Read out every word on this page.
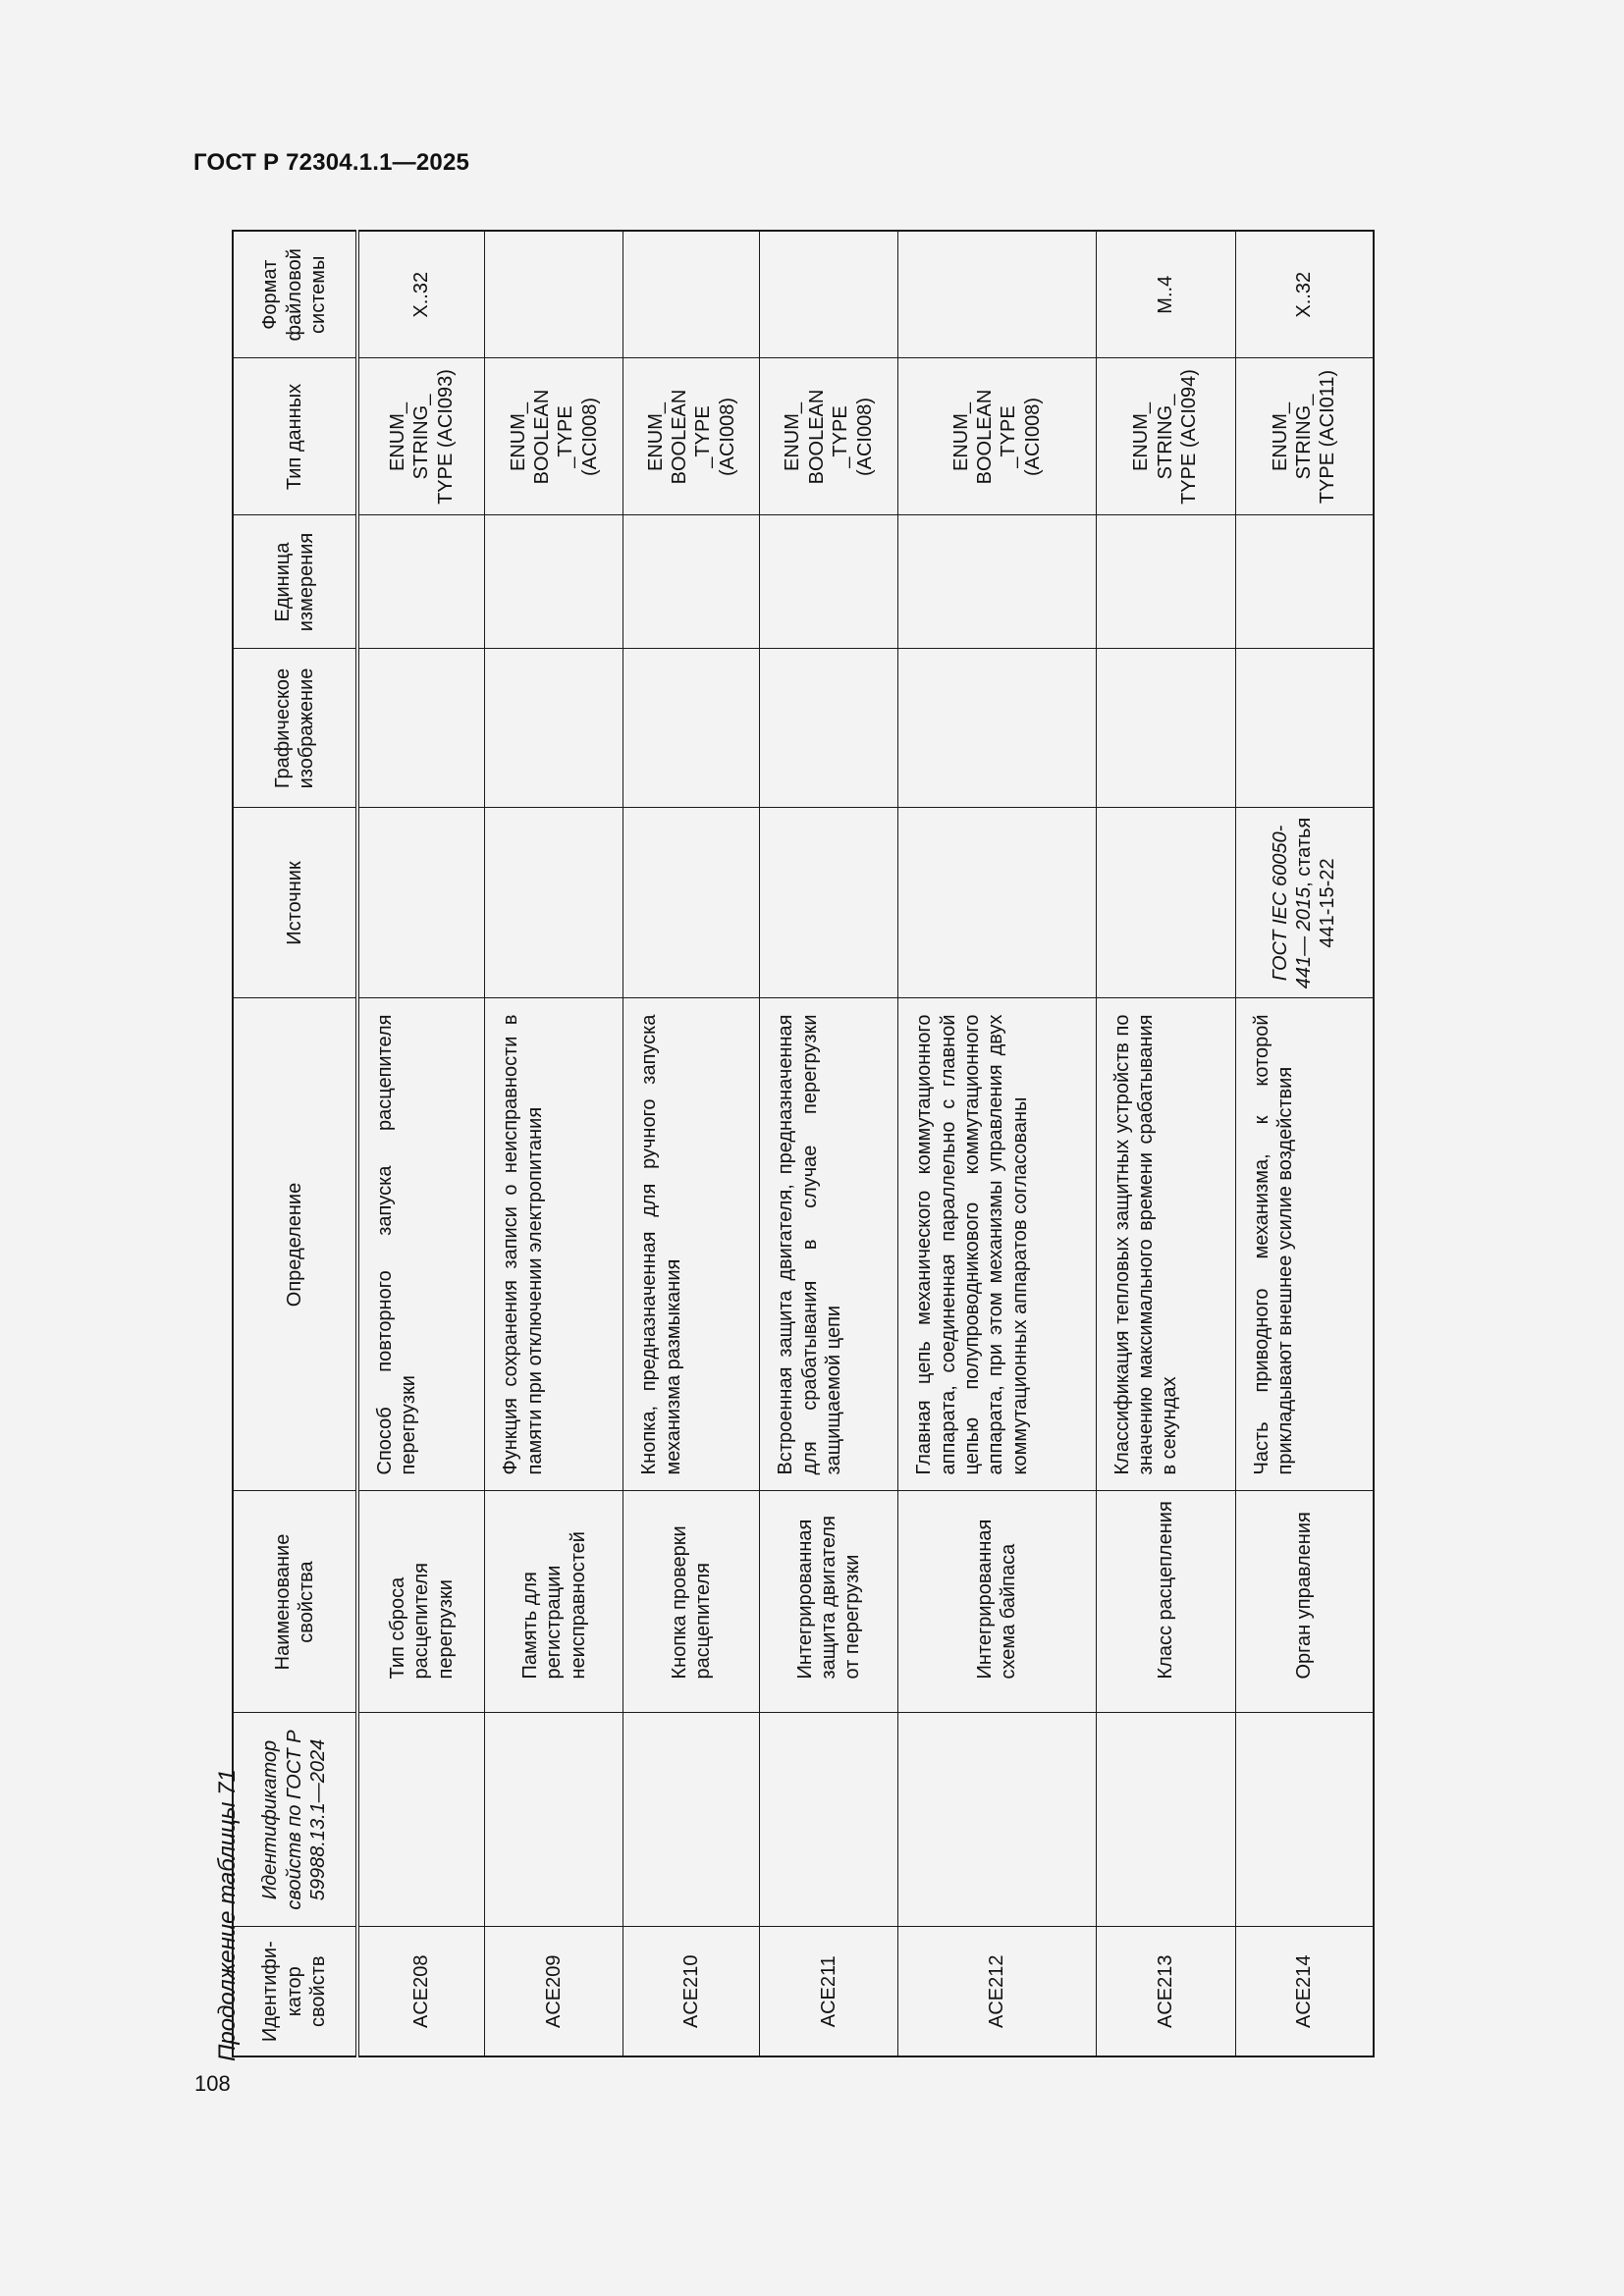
ГОСТ Р 72304.1.1—2025
108
Продолжение таблицы 71 Идентифи-катор свойств	Идентификатор свойств по ГОСТ Р 59988.13.1—2024	Наименование свойства	Определение	Источник	Графическое изображение	Единица измерения	Тип данных	Формат файловой системы
ACE208		Тип сброса расцепителя перегрузки	Способ повторного запуска расцепителя перегрузки				ENUM_ STRING_ TYPE (ACI093)	X..32
ACE209		Память для регистрации неисправностей	Функция сохранения записи о неисправности в памяти при отключении электропитания				ENUM_ BOOLEAN _TYPE (ACI008)	
ACE210		Кнопка проверки расцепителя	Кнопка, предназначенная для ручного запуска механизма размыкания				ENUM_ BOOLEAN _TYPE (ACI008)	
ACE211		Интегрированная защита двигателя от перегрузки	Встроенная защита двигателя, предназначенная для срабатывания в случае перегрузки защищаемой цепи				ENUM_ BOOLEAN _TYPE (ACI008)	
ACE212		Интегрированная схема байпаса	Главная цепь механического коммутационного аппарата, соединенная параллельно с главной цепью полупроводникового коммутационного аппарата, при этом механизмы управления двух коммутационных аппаратов согласованы				ENUM_ BOOLEAN _TYPE (ACI008)	
ACE213		Класс расцепления	Классификация тепловых защитных устройств по значению максимального времени срабатывания в секундах				ENUM_ STRING_ TYPE (ACI094)	M..4
ACE214		Орган управления	Часть приводного механизма, к которой прикладывают внешнее усилие воздействия	ГОСТ IEC 60050-441— 2015, статья 441-15-22			ENUM_ STRING_ TYPE (ACI011)	X..32
